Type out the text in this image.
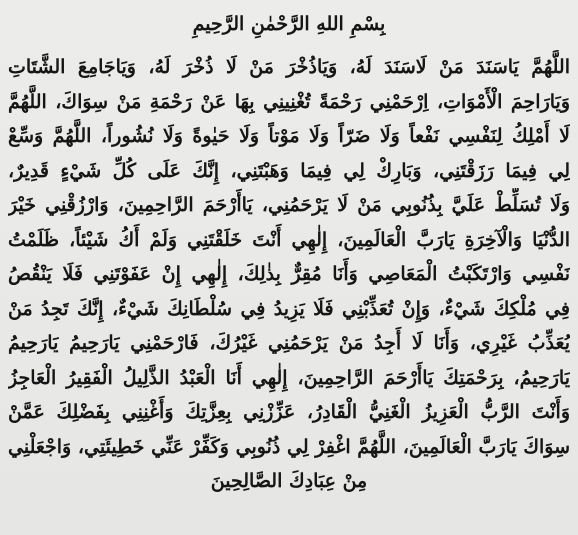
بِسْمِ اللهِ الرَّحْمٰنِ الرَّحِيمِ
اللَّهُمَّ يَاسَنَدَ مَنْ لَاسَنَدَ لَهُ، وَيَاذُخْرَ مَنْ لَا ذُخْرَ لَهُ، وَيَاجَامِعَ الشَّتَاتِ
وَيَارَاحِمَ الْأَمْوَاتِ، اِرْحَمْنِي رَحْمَةً تُغْنِينِي بِهَا عَنْ رَحْمَةِ مَنْ سِوَاكَ، اللَّهُمَّ
لَا أَمْلِكُ لِنَفْسِي نَفْعاً وَلَا ضَرّاً وَلَا مَوْتاً وَلَا حَيٰوةً وَلَا نُشُوراً، اللَّهُمَّ وَسِّعْ
لِي فِيمَا رَزَقْتَنِي، وَبَارِكْ لِي فِيمَا وَهَبْتَنِي، إِنَّكَ عَلَى كُلِّ شَيْءٍ قَدِيرٌ،
وَلَا تُسَلِّطْ عَلَيَّ بِذُنُوبِي مَنْ لَا يَرْحَمُنِي، يَاأَرْحَمَ الرَّاحِمِينَ، وَارْزُقْنِي خَيْرَ
الدُّنْيَا وَالْآخِرَةِ يَارَبَّ الْعَالَمِينَ، إِلٰهِي أَنْتَ خَلَقْتَنِي وَلَمْ أَكُ شَيْئاً، ظَلَمْتُ
نَفْسِي وَارْتَكَبْتُ الْمَعَاصِي وَأَنَا مُقِرٌّ بِذٰلِكَ، إِلٰهِي إِنْ عَفَوْتَنِي فَلَا يَنْقُصُ
فِي مُلْكِكَ شَيْءٌ، وَإِنْ تُعَذِّبْنِي فَلَا يَزِيدُ فِي سُلْطَانِكَ شَيْءٌ، إِنَّكَ تَجِدُ مَنْ
يُعَذِّبُ غَيْرِي، وَأَنَا لَا أَجِدُ مَنْ يَرْحَمُنِي غَيْرُكَ، فَارْحَمْنِي يَارَحِيمُ يَارَحِيمُ
يَارَحِيمُ، بِرَحْمَتِكَ يَاأَرْحَمَ الرَّاحِمِينَ، إِلٰهِي أَنَا الْعَبْدُ الذَّلِيلُ الْفَقِيرُ الْعَاجِزُ
وَأَنْتَ الرَّبُّ الْعَزِيزُ الْغَنِيُّ الْقَادِرُ، عَزِّزْنِي بِعِزَّتِكَ وَأَغْنِنِي بِفَضْلِكَ عَمَّنْ
سِوَاكَ يَارَبَّ الْعَالَمِينَ، اللَّهُمَّ اغْفِرْ لِي ذُنُوبِي وَكَفِّرْ عَنِّي خَطِيئَتِي، وَاجْعَلْنِي
مِنْ عِبَادِكَ الصَّالِحِينَ
